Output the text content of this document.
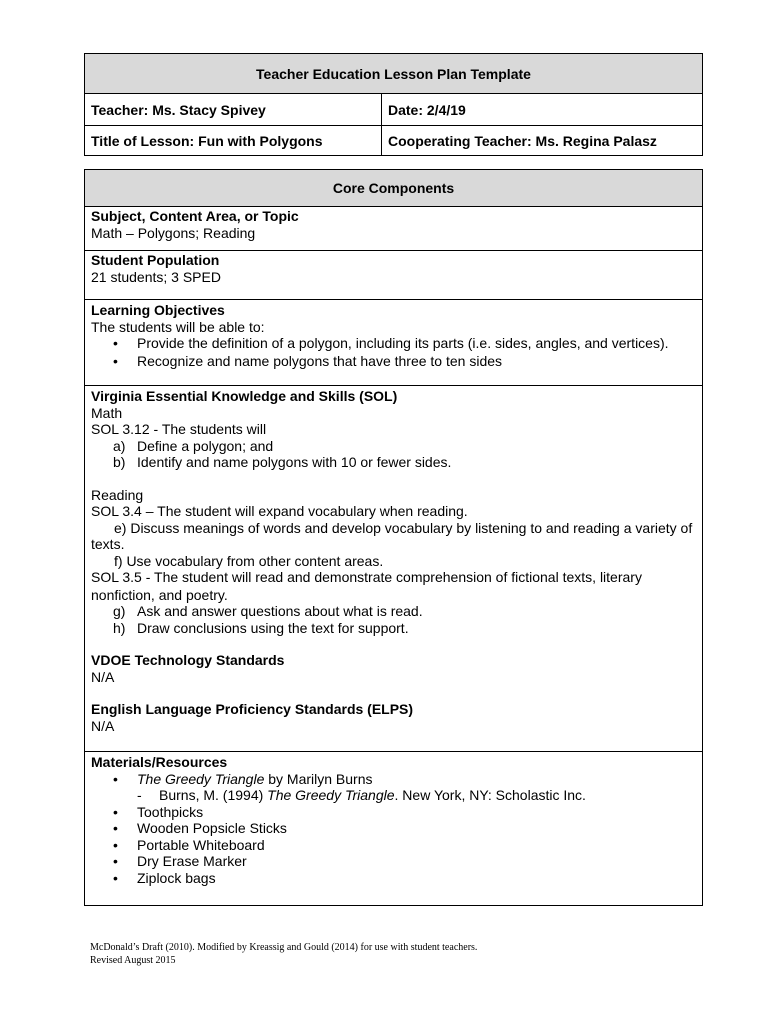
Teacher Education Lesson Plan Template
Teacher: Ms. Stacy Spivey	Date: 2/4/19
Title of Lesson: Fun with Polygons	Cooperating Teacher: Ms. Regina Palasz
Core Components
Subject, Content Area, or Topic
Math – Polygons; Reading
Student Population
21 students; 3 SPED
Learning Objectives
The students will be able to:
• Provide the definition of a polygon, including its parts (i.e. sides, angles, and vertices).
• Recognize and name polygons that have three to ten sides
Virginia Essential Knowledge and Skills (SOL)
Math
SOL 3.12 - The students will
a) Define a polygon; and
b) Identify and name polygons with 10 or fewer sides.
Reading
SOL 3.4 – The student will expand vocabulary when reading.
e) Discuss meanings of words and develop vocabulary by listening to and reading a variety of
texts.
f) Use vocabulary from other content areas.
SOL 3.5 - The student will read and demonstrate comprehension of fictional texts, literary
nonfiction, and poetry.
g) Ask and answer questions about what is read.
h) Draw conclusions using the text for support.
VDOE Technology Standards
N/A
English Language Proficiency Standards (ELPS)
N/A
Materials/Resources
• The Greedy Triangle by Marilyn Burns
- Burns, M. (1994) The Greedy Triangle. New York, NY: Scholastic Inc.
• Toothpicks
• Wooden Popsicle Sticks
• Portable Whiteboard
• Dry Erase Marker
• Ziplock bags
McDonald’s Draft (2010). Modified by Kreassig and Gould (2014) for use with student teachers.
Revised August 2015
